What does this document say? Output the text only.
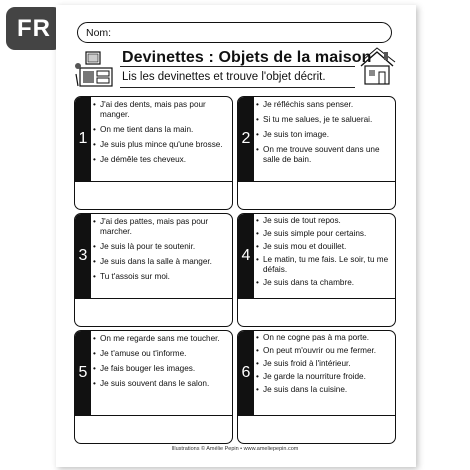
FR	Nom:
Devinettes : Objets de la maison
Lis les devinettes et trouve l'objet décrit.
1
• J'ai des dents, mais pas pour manger.
• On me tient dans la main.
• Je suis plus mince qu'une brosse.
• Je démêle tes cheveux.
2
• Je réfléchis sans penser.
• Si tu me salues, je te saluerai.
• Je suis ton image.
• On me trouve souvent dans une salle de bain.
3
• J'ai des pattes, mais pas pour marcher.
• Je suis là pour te soutenir.
• Je suis dans la salle à manger.
• Tu t'assois sur moi.
4
• Je suis de tout repos.
• Je suis simple pour certains.
• Je suis mou et douillet.
• Le matin, tu me fais. Le soir, tu me défais.
• Je suis dans ta chambre.
5
• On me regarde sans me toucher.
• Je t'amuse ou t'informe.
• Je fais bouger les images.
• Je suis souvent dans le salon.
6
• On ne cogne pas à ma porte.
• On peut m'ouvrir ou me fermer.
• Je suis froid à l'intérieur.
• Je garde la nourriture froide.
• Je suis dans la cuisine.
Illustrations © Amélie Pepin • www.ameliepepin.com
